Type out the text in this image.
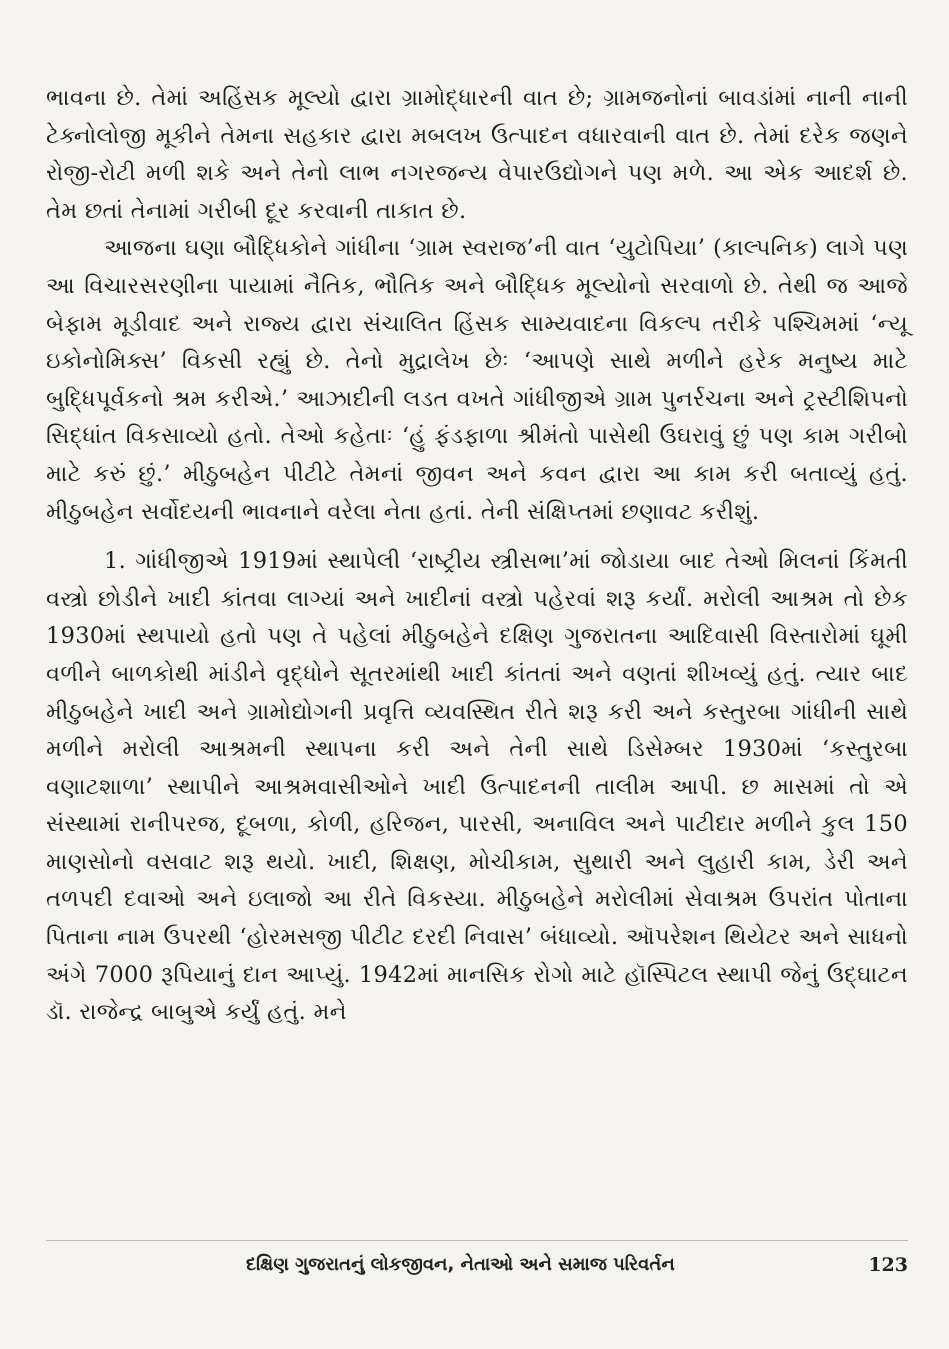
ભાવના છે. તેમાં અહિંસક મૂલ્યો દ્વારા ગ્રામોદ્ધારની વાત છે; ગ્રામજનોનાં બાવડાંમાં નાની નાની ટેક્નોલોજી મૂકીને તેમના સહકાર દ્વારા મબલખ ઉત્પાદન વધારવાની વાત છે. તેમાં દરેક જણને રોજી-રોટી મળી શકે અને તેનો લાભ નગરજન્ય વેપારઉદ્યોગને પણ મળે. આ એક આદર્શ છે. તેમ છતાં તેનામાં ગરીબી દૂર કરવાની તાકાત છે.

આજના ઘણા બૌદ્ધિકોને ગાંધીના ‘ગ્રામ સ્વરાજ’ની વાત ‘યુટોપિયા’ (કાલ્પનિક) લાગે પણ આ વિચારસરણીના પાયામાં નૈતિક, ભૌતિક અને બૌદ્ધિક મૂલ્યોનો સરવાળો છે. તેથી જ આજે બેફામ મૂડીવાદ અને રાજ્ય દ્વારા સંચાલિત હિંસક સામ્યવાદના વિકલ્પ તરીકે પશ્ચિમમાં ‘ન્યૂ ઇકોનોમિક્સ’ વિકસી રહ્યું છે. તેનો મુદ્રાલેખ છેઃ ‘આપણે સાથે મળીને હરેક મનુષ્ય માટે બુદ્ધિપૂર્વકનો શ્રમ કરીએ.’ આઝાદીની લડત વખતે ગાંધીજીએ ગ્રામ પુનર્રચના અને ટ્રસ્ટીશિપનો સિદ્ધાંત વિકસાવ્યો હતો. તેઓ કહેતાઃ ‘હું ફંડફાળા શ્રીમંતો પાસેથી ઉઘરાવું છું પણ કામ ગરીબો માટે કરું છું.’ મીઠુબહેન પીટીટે તેમનાં જીવન અને કવન દ્વારા આ કામ કરી બતાવ્યું હતું. મીઠુબહેન સર્વોદયની ભાવનાને વરેલા નેતા હતાં. તેની સંક્ષિપ્તમાં છણાવટ કરીશું.

1. ગાંધીજીએ 1919માં સ્થાપેલી ‘રાષ્ટ્રીય સ્ત્રીસભા’માં જોડાયા બાદ તેઓ મિલનાં કિંમતી વસ્ત્રો છોડીને ખાદી કાંતવા લાગ્યાં અને ખાદીનાં વસ્ત્રો પહેરવાં શરૂ કર્યાં. મરોલી આશ્રમ તો છેક 1930માં સ્થપાયો હતો પણ તે પહેલાં મીઠુબહેને દક્ષિણ ગુજરાતના આદિવાસી વિસ્તારોમાં ઘૂમી વળીને બાળકોથી માંડીને વૃદ્ધોને સૂતરમાંથી ખાદી કાંતતાં અને વણતાં શીખવ્યું હતું. ત્યાર બાદ મીઠુબહેને ખાદી અને ગ્રામોદ્યોગની પ્રવૃત્તિ વ્યવસ્થિત રીતે શરૂ કરી અને કસ્તુરબા ગાંધીની સાથે મળીને મરોલી આશ્રમની સ્થાપના કરી અને તેની સાથે ડિસેમ્બર 1930માં ‘કસ્તુરબા વણાટશાળા’ સ્થાપીને આશ્રમવાસીઓને ખાદી ઉત્પાદનની તાલીમ આપી. છ માસમાં તો એ સંસ્થામાં રાનીપરજ, દૂબળા, કોળી, હરિજન, પારસી, અનાવિલ અને પાટીદાર મળીને કુલ 150 માણસોનો વસવાટ શરૂ થયો. ખાદી, શિક્ષણ, મોચીકામ, સુથારી અને લુહારી કામ, ડેરી અને તળપદી દવાઓ અને ઇલાજો આ રીતે વિકસ્યા. મીઠુબહેને મરોલીમાં સેવાશ્રમ ઉપરાંત પોતાના પિતાના નામ ઉપરથી ‘હોરમસજી પીટીટ દરદી નિવાસ’ બંધાવ્યો. ઑપરેશન થિયેટર અને સાધનો અંગે 7000 રૂપિયાનું દાન આપ્યું. 1942માં માનસિક રોગો માટે હૉસ્પિટલ સ્થાપી જેનું ઉદ્ઘાટન ડૉ. રાજેન્દ્ર બાબુએ કર્યું હતું. મને

દક્ષિણ ગુજરાતનું લોકજીવન, નેતાઓ અને સમાજ પરિવર્તન	123
